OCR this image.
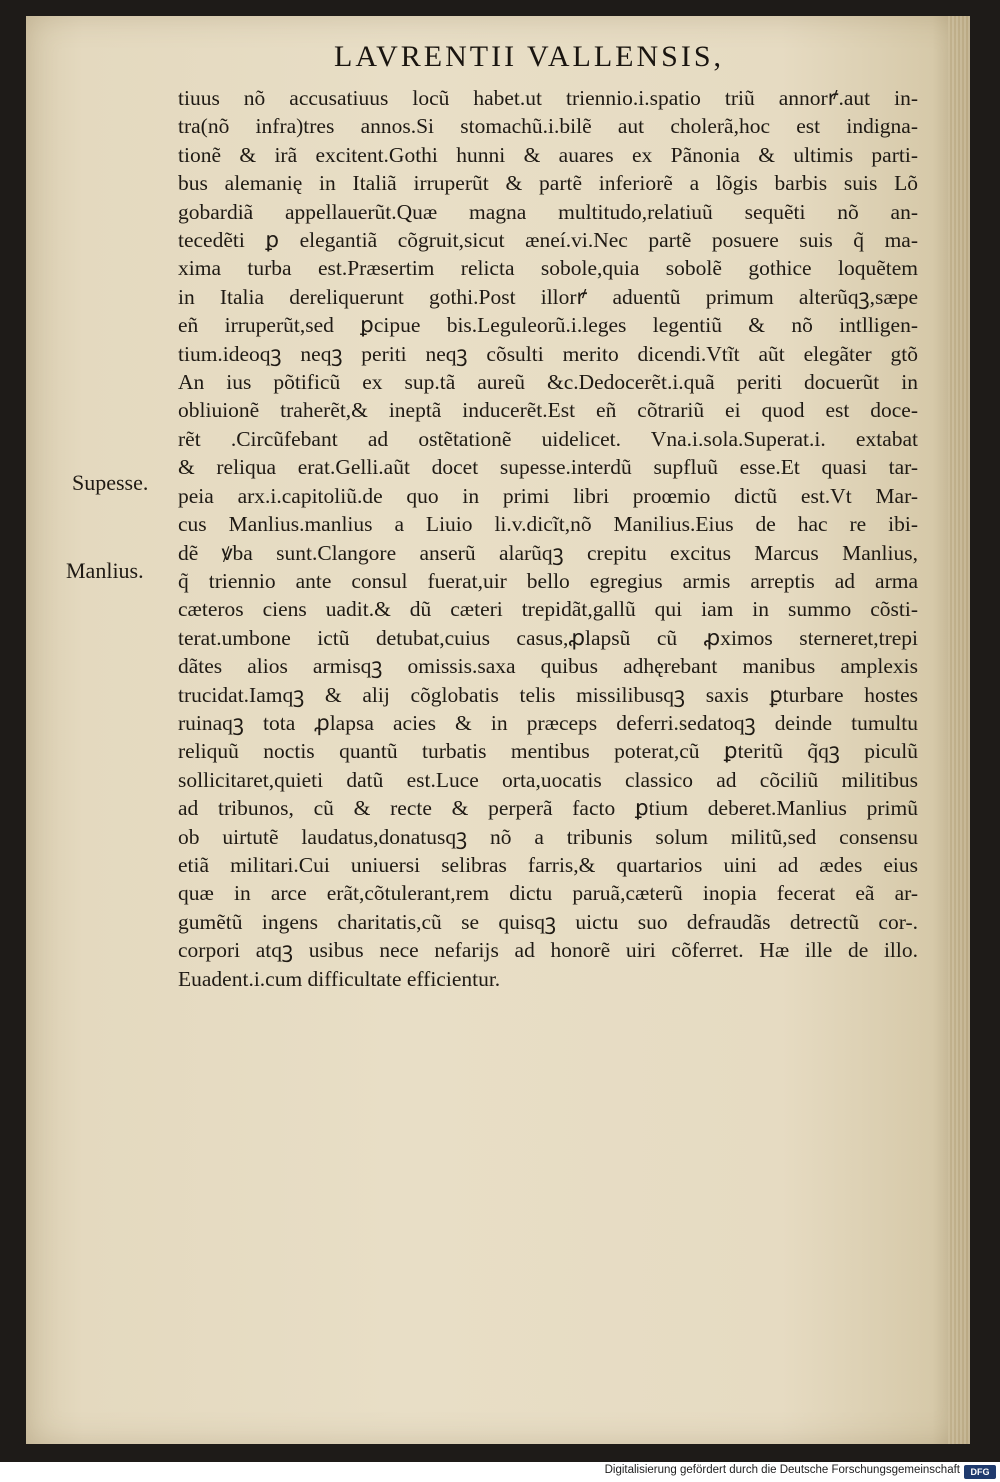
LAVRENTII VALLENSIS,
Supesse.
Manlius.
tiuus nõ accusatiuus locũ habet.ut triennio.i.spatio triũ annorꝵ.aut in-
tra(nõ infra)tres annos.Si stomachũ.i.bilẽ aut cholerã,hoc est indigna-
tionẽ & irã excitent.Gothi hunni & auares ex Pãnonia & ultimis parti-
bus alemanię in Italiã irruperũt & partẽ inferiorẽ a lõgis barbis suis Lõ
gobardiã appellauerũt.Quæ magna multitudo,relatiuũ sequẽti nõ an-
tecedẽti ꝑ elegantiã cõgruit,sicut æneí.vi.Nec partẽ posuere suis q̃ ma-
xima turba est.Præsertim relicta sobole,quia sobolẽ gothice loquẽtem
in Italia dereliquerunt gothi.Post illorꝵ aduentũ primum alterũqꝫ,sæpe
eñ irruperũt,sed ꝑcipue bis.Leguleorũ.i.leges legentiũ & nõ intlligen-
tium.ideoqꝫ neqꝫ periti neqꝫ cõsulti merito dicendi.Vtĩt aũt elegãter gtõ
An ius põtificũ ex sup.tã aureũ &c.Dedocerẽt.i.quã periti docuerũt in
obliuionẽ traherẽt,& ineptã inducerẽt.Est eñ cõtrariũ ei quod est doce-
rẽt .Circũfebant ad ostẽtationẽ uidelicet. Vna.i.sola.Superat.i. extabat
& reliqua erat.Gelli.aũt docet supesse.interdũ supfluũ esse.Et quasi tar-
peia arx.i.capitoliũ.de quo in primi libri proœmio dictũ est.Vt Mar-
cus Manlius.manlius a Liuio li.v.dicĩt,nõ Manilius.Eius de hac re ibi-
dẽ ꝟba sunt.Clangore anserũ alarũqꝫ crepitu excitus Marcus Manlius,
q̃ triennio ante consul fuerat,uir bello egregius armis arreptis ad arma
cæteros ciens uadit.& dũ cæteri trepidãt,gallũ qui iam in summo cõsti-
terat.umbone ictũ detubat,cuius casus,ꝓlapsũ cũ ꝓximos sterneret,trepi
dãtes alios armisqꝫ omissis.saxa quibus adhęrebant manibus amplexis
trucidat.Iamqꝫ & alij cõglobatis telis missilibusqꝫ saxis ꝑturbare hostes
ruinaqꝫ tota ꝓlapsa acies & in præceps deferri.sedatoqꝫ deinde tumultu
reliquũ noctis quantũ turbatis mentibus poterat,cũ ꝑteritũ q̃qꝫ piculũ
sollicitaret,quieti datũ est.Luce orta,uocatis classico ad cõciliũ militibus
ad tribunos, cũ & recte & perperã facto ꝑtium deberet.Manlius primũ
ob uirtutẽ laudatus,donatusqꝫ nõ a tribunis solum militũ,sed consensu
etiã militari.Cui uniuersi selibras farris,& quartarios uini ad ædes eius
quæ in arce erãt,cõtulerant,rem dictu paruã,cæterũ inopia fecerat eã ar-
gumẽtũ ingens charitatis,cũ se quisqꝫ uictu suo defraudãs detrectũ cor-.
corpori atqꝫ usibus nece nefarijs ad honorẽ uiri cõferret. Hæ ille de illo.
Euadent.i.cum difficultate efficientur.
Digitalisierung gefördert durch die Deutsche Forschungsgemeinschaft	DFG
